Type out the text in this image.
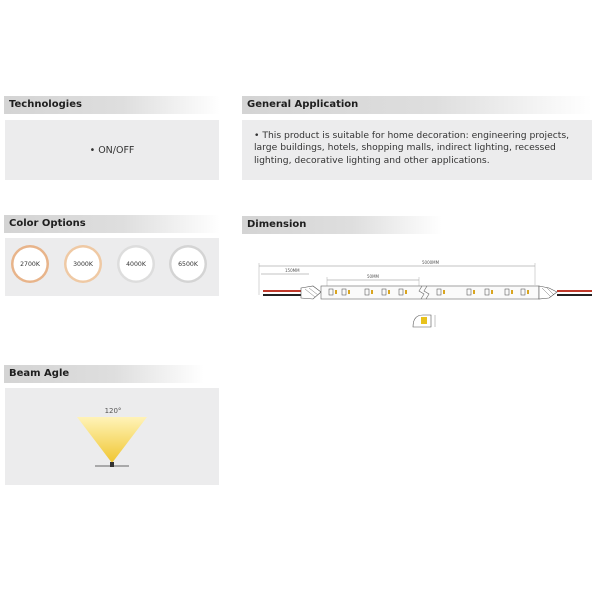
Technologies
• ON/OFF
General Application
• This product is suitable for home decoration: engineering projects, large buildings, hotels, shopping malls, indirect lighting, recessed lighting, decorative lighting and other applications.
Color Options
2700K	3000K	4000K	6500K
Dimension
5000MM
150MM
50MM
Beam Agle
120°
